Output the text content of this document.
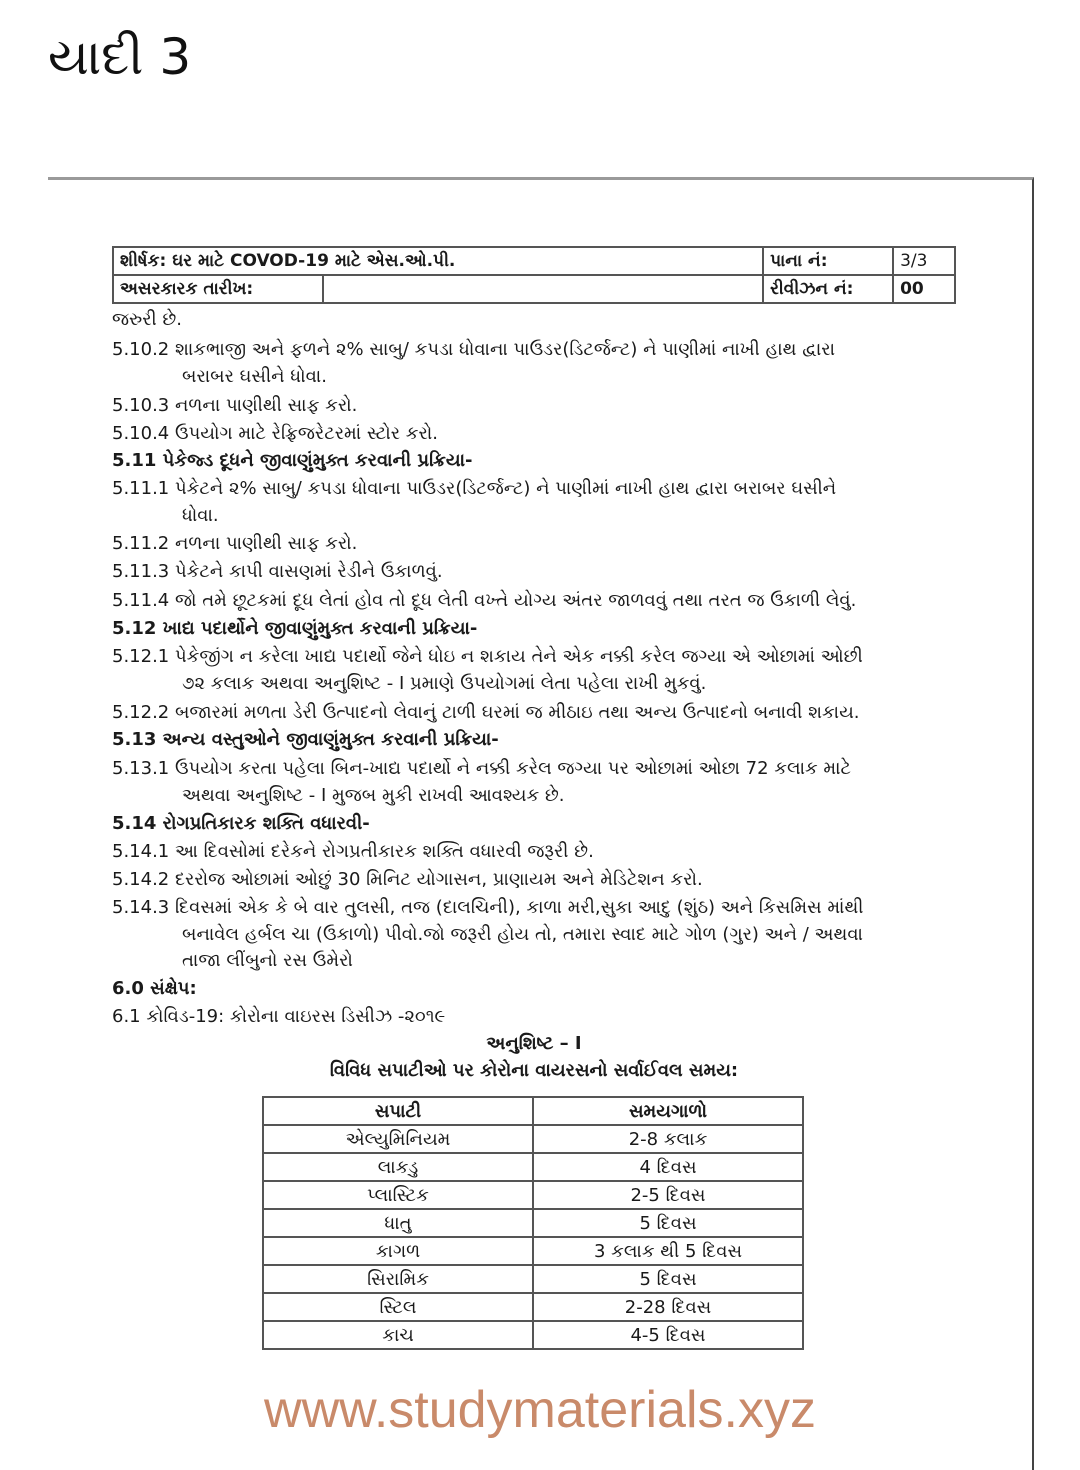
યાદી 3
શીર્ષક: ઘર માટે COVOD-19 માટે એસ.ઓ.પી.		પાના નં:	3/3
અસરકારક તારીખ:		રીવીઝન નં:	00
જરુરી છે.
5.10.2 શાકભાજી અને ફળને ૨% સાબુ/ કપડા ધોવાના પાઉડર(ડિટર્જન્ટ) ને પાણીમાં નાખી હાથ દ્વારા
બરાબર ઘસીને ધોવા.
5.10.3 નળના પાણીથી સાફ કરો.
5.10.4 ઉપયોગ માટે રેફ્રિજરેટરમાં સ્ટોર કરો.
5.11 પેકેજ્ડ દૂધને જીવાણુંમુક્ત કરવાની પ્રક્રિયા-
5.11.1 પેકેટને ૨% સાબુ/ કપડા ધોવાના પાઉડર(ડિટર્જન્ટ) ને પાણીમાં નાખી હાથ દ્વારા બરાબર ઘસીને
ધોવા.
5.11.2 નળના પાણીથી સાફ કરો.
5.11.3 પેકેટને કાપી વાસણમાં રેડીને ઉકાળવું.
5.11.4 જો તમે છૂટકમાં દૂધ લેતાં હોવ તો દૂધ લેતી વખ્તે યોગ્ય અંતર જાળવવું તથા તરત જ ઉકાળી લેવું.
5.12 ખાદ્ય પદાર્થોને જીવાણુંમુક્ત કરવાની પ્રક્રિયા-
5.12.1 પેકેજીંગ ન કરેલા ખાદ્ય પદાર્થો જેને ધોઇ ન શકાય તેને એક નક્કી કરેલ જગ્યા એ ઓછામાં ઓછી
૭૨ કલાક અથવા અનુશિષ્ટ - I પ્રમાણે ઉપયોગમાં લેતા પહેલા રાખી મુકવું.
5.12.2 બજારમાં મળતા ડેરી ઉત્પાદનો લેવાનું ટાળી ઘરમાં જ મીઠાઇ તથા અન્ય ઉત્પાદનો બનાવી શકાય.
5.13 અન્ય વસ્તુઓને જીવાણુંમુક્ત કરવાની પ્રક્રિયા-
5.13.1 ઉપયોગ કરતા પહેલા બિન-ખાદ્ય પદાર્થો ને નક્કી કરેલ જગ્યા પર ઓછામાં ઓછા 72 કલાક માટે
અથવા અનુશિષ્ટ - I મુજબ મુકી રાખવી આવશ્યક છે.
5.14 રોગપ્રતિકારક શક્તિ વધારવી-
5.14.1 આ દિવસોમાં દરેકને રોગપ્રતીકારક શક્તિ વધારવી જરૂરી છે.
5.14.2 દરરોજ ઓછામાં ઓછું 30 મિનિટ યોગાસન, પ્રાણાયમ અને મેડિટેશન કરો.
5.14.3 દિવસમાં એક કે બે વાર તુલસી, તજ (દાલચિની), કાળા મરી,સુકા આદુ (શુંઠ) અને કિસમિસ માંથી
બનાવેલ હર્બલ ચા (ઉકાળો) પીવો.જો જરૂરી હોય તો, તમારા સ્વાદ માટે ગોળ (ગુર) અને / અથવા
તાજા લીંબુનો રસ ઉમેરો
6.0 સંક્ષેપ:
6.1 કોવિડ-19: કોરોના વાઇરસ ડિસીઝ -૨૦૧૯
અનુશિષ્ટ – I
વિવિધ સપાટીઓ પર કોરોના વાયરસનો સર્વાઈવલ સમય:
સપાટી	સમયગાળો
એલ્યુમિનિયમ	2-8 કલાક
લાકડુ	4 દિવસ
પ્લાસ્ટિક	2-5 દિવસ
ધાતુ	5 દિવસ
કાગળ	3 કલાક થી 5 દિવસ
સિરામિક	5 દિવસ
સ્ટિલ	2-28 દિવસ
કાચ	4-5 દિવસ
www.studymaterials.xyz
